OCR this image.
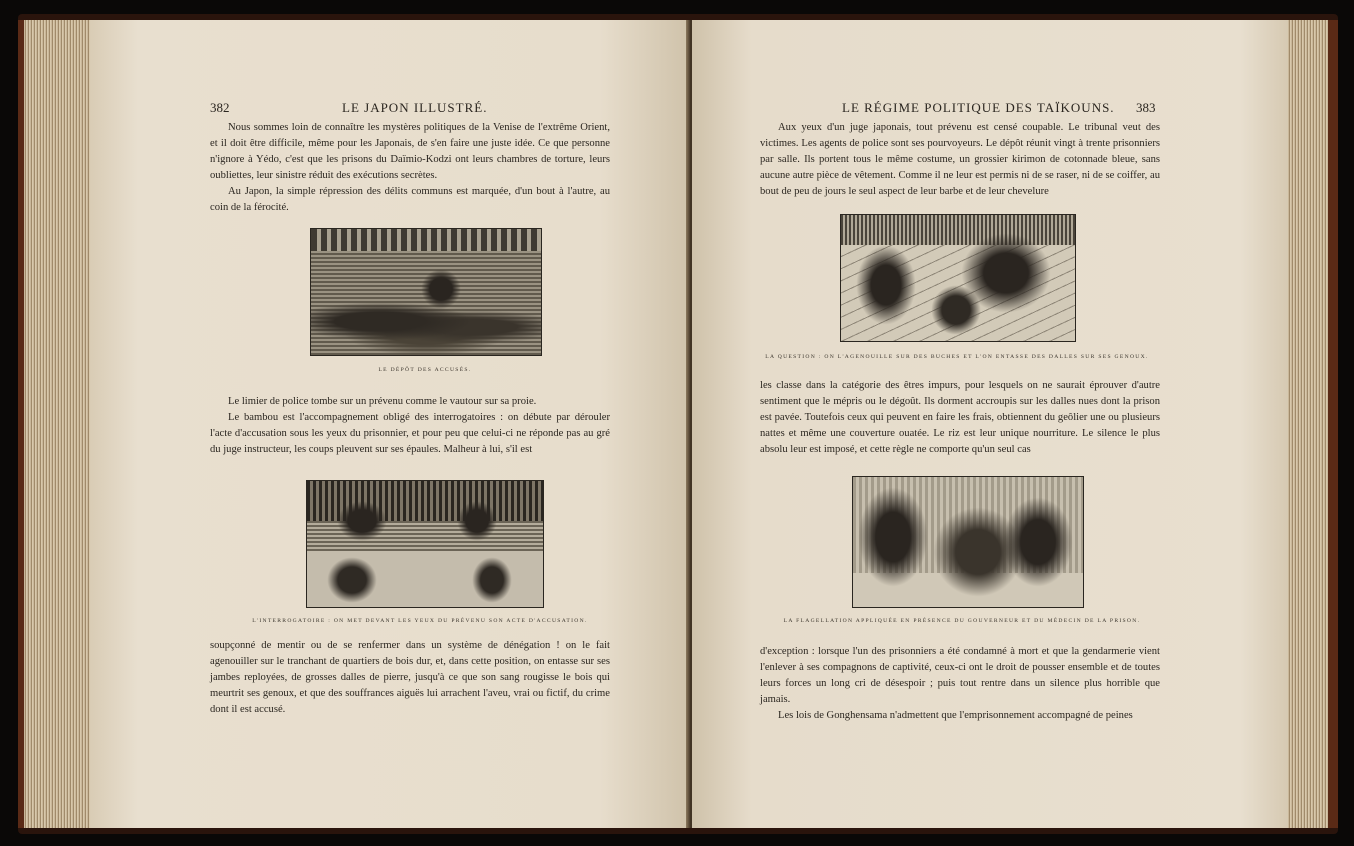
382	LE JAPON ILLUSTRÉ.

Nous sommes loin de connaître les mystères politiques de la Venise de l'extrême Orient, et il doit être difficile, même pour les Japonais, de s'en faire une juste idée. Ce que personne n'ignore à Yédo, c'est que les prisons du Daïmio-Kodzi ont leurs chambres de torture, leurs oubliettes, leur sinistre réduit des exécutions secrètes.

Au Japon, la simple répression des délits communs est marquée, d'un bout à l'autre, au coin de la férocité.

LE DÉPÔT DES ACCUSÉS.

Le limier de police tombe sur un prévenu comme le vautour sur sa proie.

Le bambou est l'accompagnement obligé des interrogatoires : on débute par dérouler l'acte d'accusation sous les yeux du prisonnier, et pour peu que celui-ci ne réponde pas au gré du juge instructeur, les coups pleuvent sur ses épaules. Malheur à lui, s'il est

L'INTERROGATOIRE : ON MET DEVANT LES YEUX DU PRÉVENU SON ACTE D'ACCUSATION.

soupçonné de mentir ou de se renfermer dans un système de dénégation ! on le fait agenouiller sur le tranchant de quartiers de bois dur, et, dans cette position, on entasse sur ses jambes reployées, de grosses dalles de pierre, jusqu'à ce que son sang rougisse le bois qui meurtrit ses genoux, et que des souffrances aiguës lui arrachent l'aveu, vrai ou fictif, du crime dont il est accusé.

LE RÉGIME POLITIQUE DES TAÏKOUNS. 383

Aux yeux d'un juge japonais, tout prévenu est censé coupable. Le tribunal veut des victimes. Les agents de police sont ses pourvoyeurs. Le dépôt réunit vingt à trente prisonniers par salle. Ils portent tous le même costume, un grossier kirimon de cotonnade bleue, sans aucune autre pièce de vêtement. Comme il ne leur est permis ni de se raser, ni de se coiffer, au bout de peu de jours le seul aspect de leur barbe et de leur chevelure

LA QUESTION : ON L'AGENOUILLE SUR DES BUCHES ET L'ON ENTASSE DES DALLES SUR SES GENOUX.

les classe dans la catégorie des êtres impurs, pour lesquels on ne saurait éprouver d'autre sentiment que le mépris ou le dégoût. Ils dorment accroupis sur les dalles nues dont la prison est pavée. Toutefois ceux qui peuvent en faire les frais, obtiennent du geôlier une ou plusieurs nattes et même une couverture ouatée. Le riz est leur unique nourriture. Le silence le plus absolu leur est imposé, et cette règle ne comporte qu'un seul cas

LA FLAGELLATION APPLIQUÉE EN PRÉSENCE DU GOUVERNEUR ET DU MÉDECIN DE LA PRISON.

d'exception : lorsque l'un des prisonniers a été condamné à mort et que la gendarmerie vient l'enlever à ses compagnons de captivité, ceux-ci ont le droit de pousser ensemble et de toutes leurs forces un long cri de désespoir ; puis tout rentre dans un silence plus horrible que jamais.

Les lois de Gonghensama n'admettent que l'emprisonnement accompagné de peines
